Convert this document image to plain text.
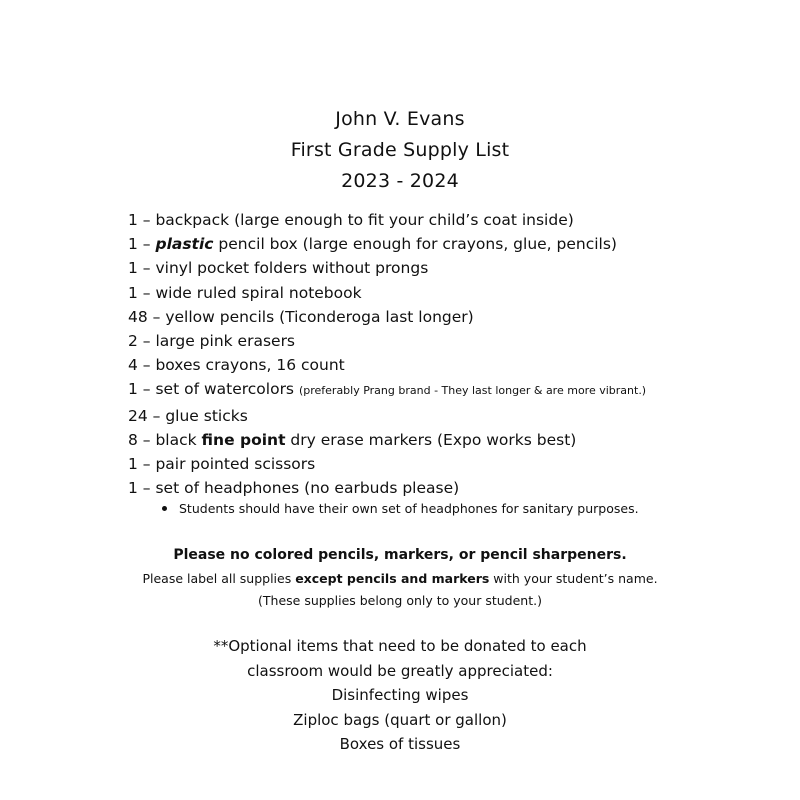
John V. Evans
First Grade Supply List
2023 - 2024
1 – backpack (large enough to fit your child’s coat inside)
1 – plastic pencil box (large enough for crayons, glue, pencils)
1 – vinyl pocket folders without prongs
1 – wide ruled spiral notebook
48 – yellow pencils (Ticonderoga last longer)
2 – large pink erasers
4 – boxes crayons, 16 count
1 – set of watercolors (preferably Prang brand - They last longer & are more vibrant.)
24 – glue sticks
8 – black fine point dry erase markers (Expo works best)
1 – pair pointed scissors
1 – set of headphones (no earbuds please)
Students should have their own set of headphones for sanitary purposes.
Please no colored pencils, markers, or pencil sharpeners.
Please label all supplies except pencils and markers with your student’s name.
(These supplies belong only to your student.)
**Optional items that need to be donated to each
classroom would be greatly appreciated:
Disinfecting wipes
Ziploc bags (quart or gallon)
Boxes of tissues
